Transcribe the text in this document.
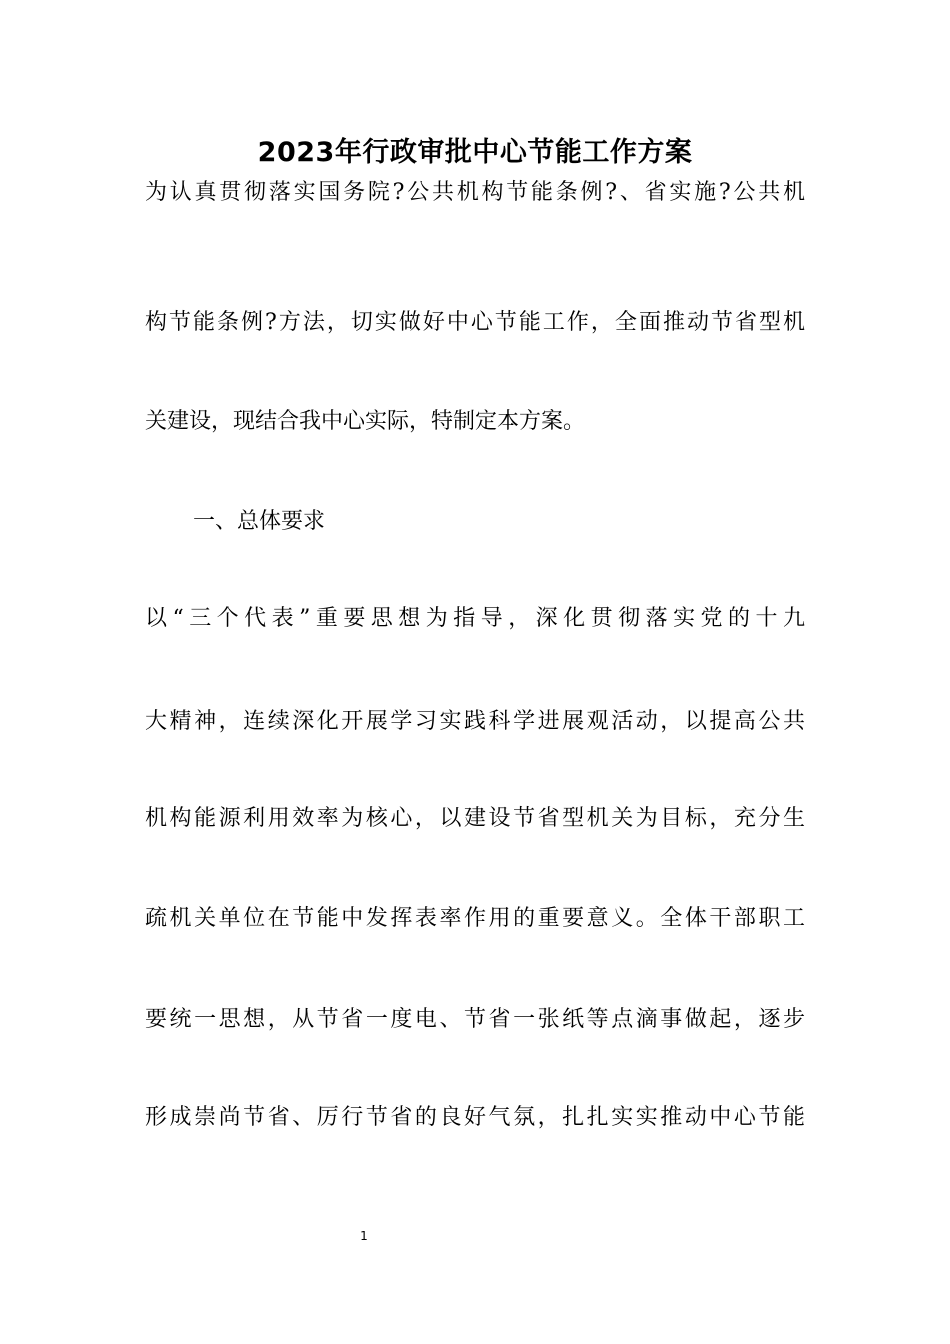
2023年行政审批中心节能工作方案
为认真贯彻落实国务院?公共机构节能条例?、省实施?公共机
构节能条例?方法，切实做好中心节能工作，全面推动节省型机
关建设，现结合我中心实际，特制定本方案。
一、总体要求
以“三个代表”重要思想为指导，深化贯彻落实党的十九
大精神，连续深化开展学习实践科学进展观活动，以提高公共
机构能源利用效率为核心，以建设节省型机关为目标，充分生
疏机关单位在节能中发挥表率作用的重要意义。全体干部职工
要统一思想，从节省一度电、节省一张纸等点滴事做起，逐步
形成崇尚节省、厉行节省的良好气氛，扎扎实实推动中心节能
1
